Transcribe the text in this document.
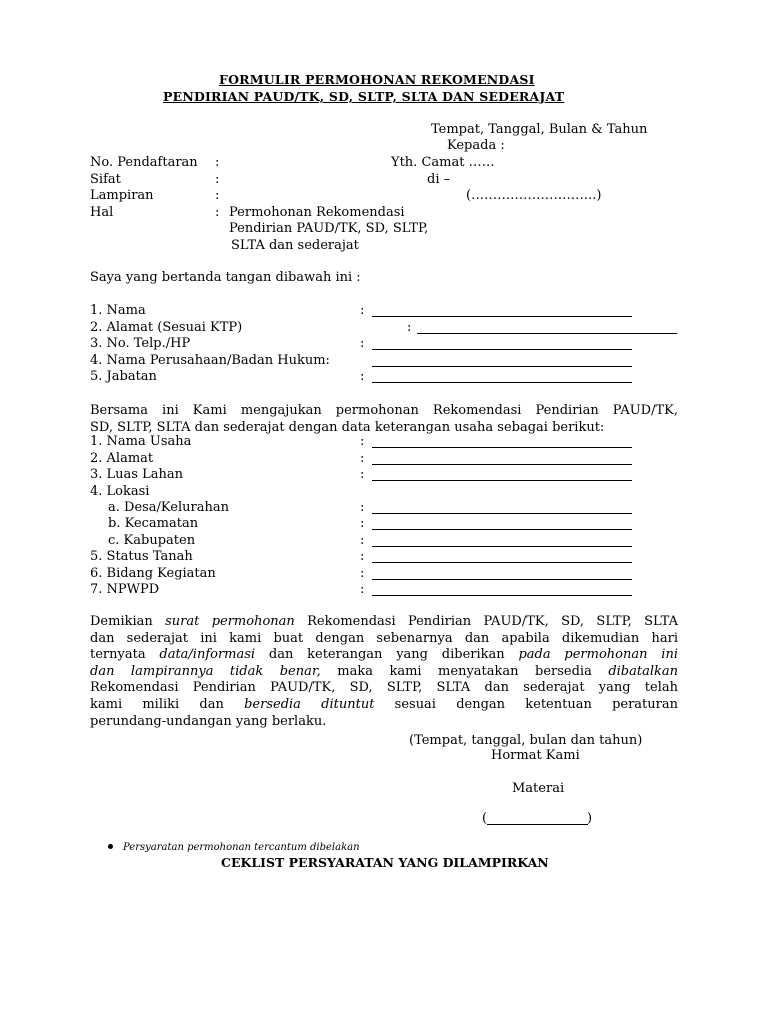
FORMULIR PERMOHONAN REKOMENDASI
PENDIRIAN PAUD/TK, SD, SLTP, SLTA DAN SEDERAJAT
Tempat, Tanggal, Bulan & Tahun
Kepada :
Yth. Camat ……
di –
(………………………..)
No. Pendaftaran :
Sifat	:
Lampiran	:
Hal	: Permohonan Rekomendasi
Pendirian PAUD/TK, SD, SLTP,
SLTA dan sederajat
Saya yang bertanda tangan dibawah ini :
1. Nama	:
2. Alamat (Sesuai KTP)	:
3. No. Telp./HP	:
4. Nama Perusahaan/Badan Hukum:
5. Jabatan	:

Bersama ini Kami mengajukan permohonan Rekomendasi Pendirian PAUD/TK,

SD, SLTP, SLTA dan sederajat dengan data keterangan usaha sebagai berikut:

1. Nama Usaha	:
2. Alamat	:
3. Luas Lahan	:
4. Lokasi
a. Desa/Kelurahan	:
b. Kecamatan	:
c. Kabupaten	:
5. Status Tanah	:
6. Bidang Kegiatan	:
7. NPWPD	:

Demikian surat permohonan Rekomendasi Pendirian PAUD/TK, SD, SLTP, SLTA

dan sederajat ini kami buat dengan sebenarnya dan apabila dikemudian hari

ternyata data/informasi dan keterangan yang diberikan pada permohonan ini

dan lampirannya tidak benar, maka kami menyatakan bersedia dibatalkan

Rekomendasi Pendirian PAUD/TK, SD, SLTP, SLTA dan sederajat yang telah

kami miliki dan bersedia dituntut sesuai dengan ketentuan peraturan

perundang-undangan yang berlaku.

(Tempat, tanggal, bulan dan tahun)
Hormat Kami
Materai
(	)
Persyaratan permohonan tercantum dibelakan
CEKLIST PERSYARATAN YANG DILAMPIRKAN
